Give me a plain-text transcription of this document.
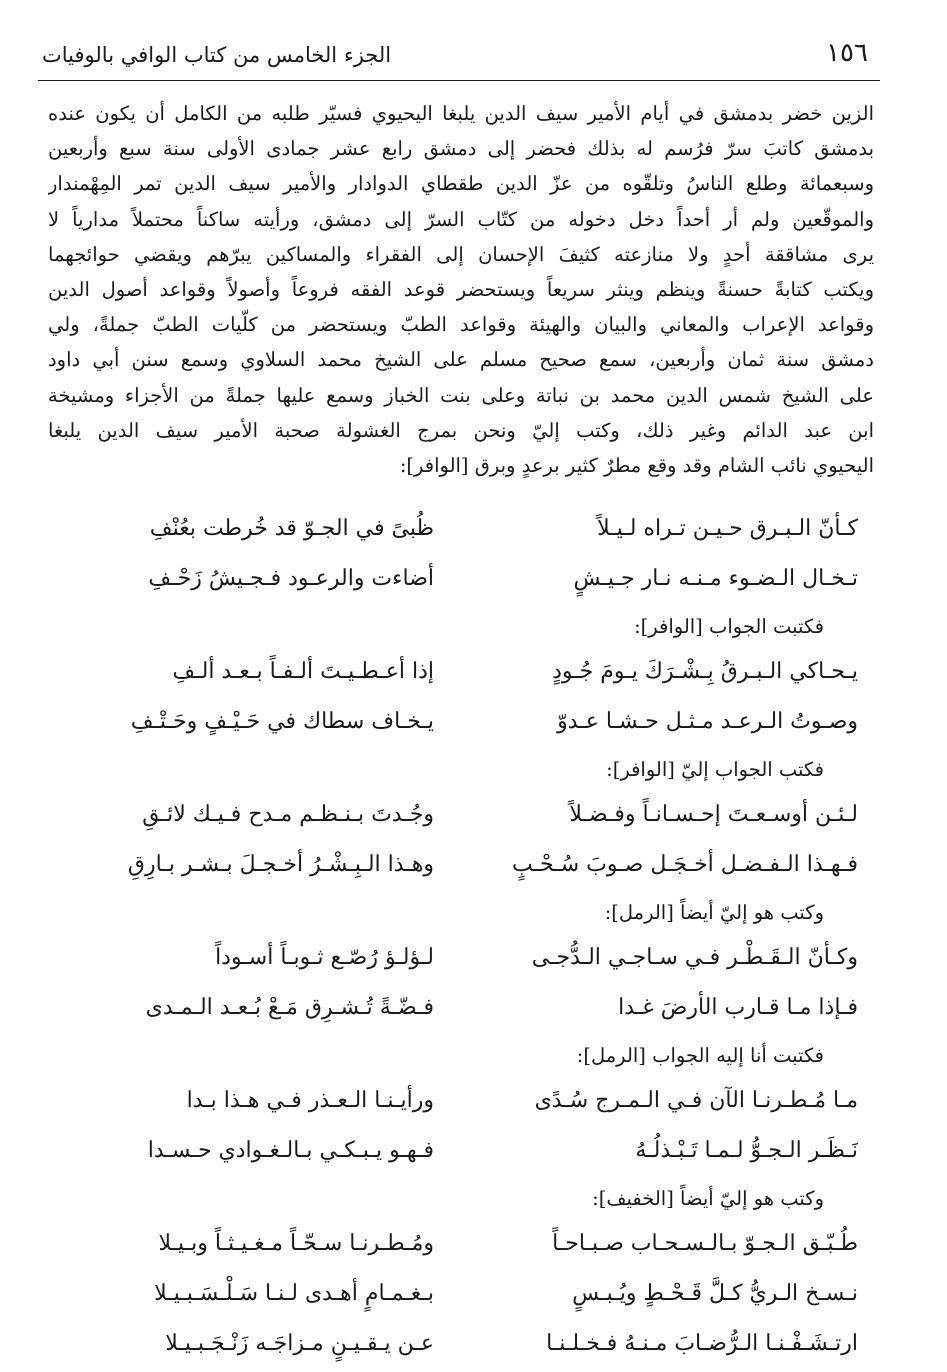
١٥٦
الجزء الخامس من كتاب الوافي بالوفيات
الزين خضر بدمشق في أيام الأمير سيف الدين يلبغا اليحيوي فسيّر طلبه من الكامل أن يكون عنده
بدمشق كاتبَ سرّ فرُسم له بذلك فحضر إلى دمشق رابع عشر جمادى الأولى سنة سبع وأربعين
وسبعمائة وطلع الناسُ وتلقّوه من عزّ الدين طقطاي الدوادار والأمير سيف الدين تمر المِهْمندار
والموقّعين ولم أر أحداً دخل دخوله من كتّاب السرّ إلى دمشق، ورأيته ساكناً محتملاً مدارياً لا
يرى مشاققة أحدٍ ولا منازعته كثيفَ الإحسان إلى الفقراء والمساكين يبرّهم ويقضي حوائجهما
ويكتب كتابةً حسنةً وينظم وينثر سريعاً ويستحضر قوعد الفقه فروعاً وأصولاً وقواعد أصول الدين
وقواعد الإعراب والمعاني والبيان والهيئة وقواعد الطبّ ويستحضر من كلّيات الطبّ جملةً، ولي
دمشق سنة ثمان وأربعين، سمع صحيح مسلم على الشيخ محمد السلاوي وسمع سنن أبي داود
على الشيخ شمس الدين محمد بن نباتة وعلى بنت الخباز وسمع عليها جملةً من الأجزاء ومشيخة
ابن عبد الدائم وغير ذلك، وكتب إليّ ونحن بمرج الغشولة صحبة الأمير سيف الدين يلبغا
اليحيوي نائب الشام وقد وقع مطرٌ كثير برعدٍ وبرق [الوافر]:
كـأنّ الـبـرق حـيـن تـراه لـيـلاً
ظُبىً في الجـوّ قد خُرطت بعُنْفِ
تـخـال الـضـوء مـنـه نـار جـيـشٍ
أضاءت والرعـود فـجـيشُ زَحْـفِ
فكتبت الجواب [الوافر]:
يـحـاكي الـبـرقُ بِـشْـرَكَ يـومَ جُـودٍ
إذا أعـطـيـتَ ألـفـاً بـعـد ألـفِ
وصـوتُ الـرعـد مـثـل حـشـا عـدوّ
يـخـاف سطاك في حَـيْـفٍ وحَـتْـفِ
فكتب الجواب إليّ [الوافر]:
لـئـن أوسـعـتَ إحـسـانـاً وفـضـلاً
وجُـدتَ بـنـظـم مـدح فـيـك لائـقِ
فـهـذا الـفـضـل أخـجَـل صـوبَ سُـحْـبٍ
وهـذا الـبِـشْـرُ أخـجـلَ بـشـر بـارِقِ
وكتب هو إليّ أيضاً [الرمل]:
وكـأنّ الـقَـطْـر فـي سـاجـي الـدُّجـى
لـؤلـؤ رُصّـع ثـوبـاً أسـوداً
فـإذا مـا قـارب الأرضَ غـدا
فـضّـةً تُـشـرِق مَـعْ بُـعـد الـمـدى
فكتبت أنا إليه الجواب [الرمل]:
مـا مُـطـرنـا الآن فـي الـمـرج سُـدًى
ورأيـنـا الـعـذر فـي هـذا بـدا
نَـظَـر الـجـوُّ لـمـا تَـبْـذلُـهُ
فـهـو يـبـكـي بـالـغـوادي حـسـدا
وكتب هو إليّ أيضاً [الخفيف]:
طُـبّـق الـجـوّ بـالـسـحـاب صـبـاحـاً
ومُـطـرنـا سـحّـاً مـغـيـثـاً وبـيـلا
نـسـخ الـريُّ كـلَّ قَـحْـطٍ ويُـبـسٍ
بـغـمـامٍ أهـدى لـنـا سَـلْـسَـبـيـلا
ارتـشَـفْـنـا الـرُّضـابَ مـنـهُ فـخـلـنـا
عـن يـقـيـنٍ مـزاجَـه زَنْـجَـبـيـلا
